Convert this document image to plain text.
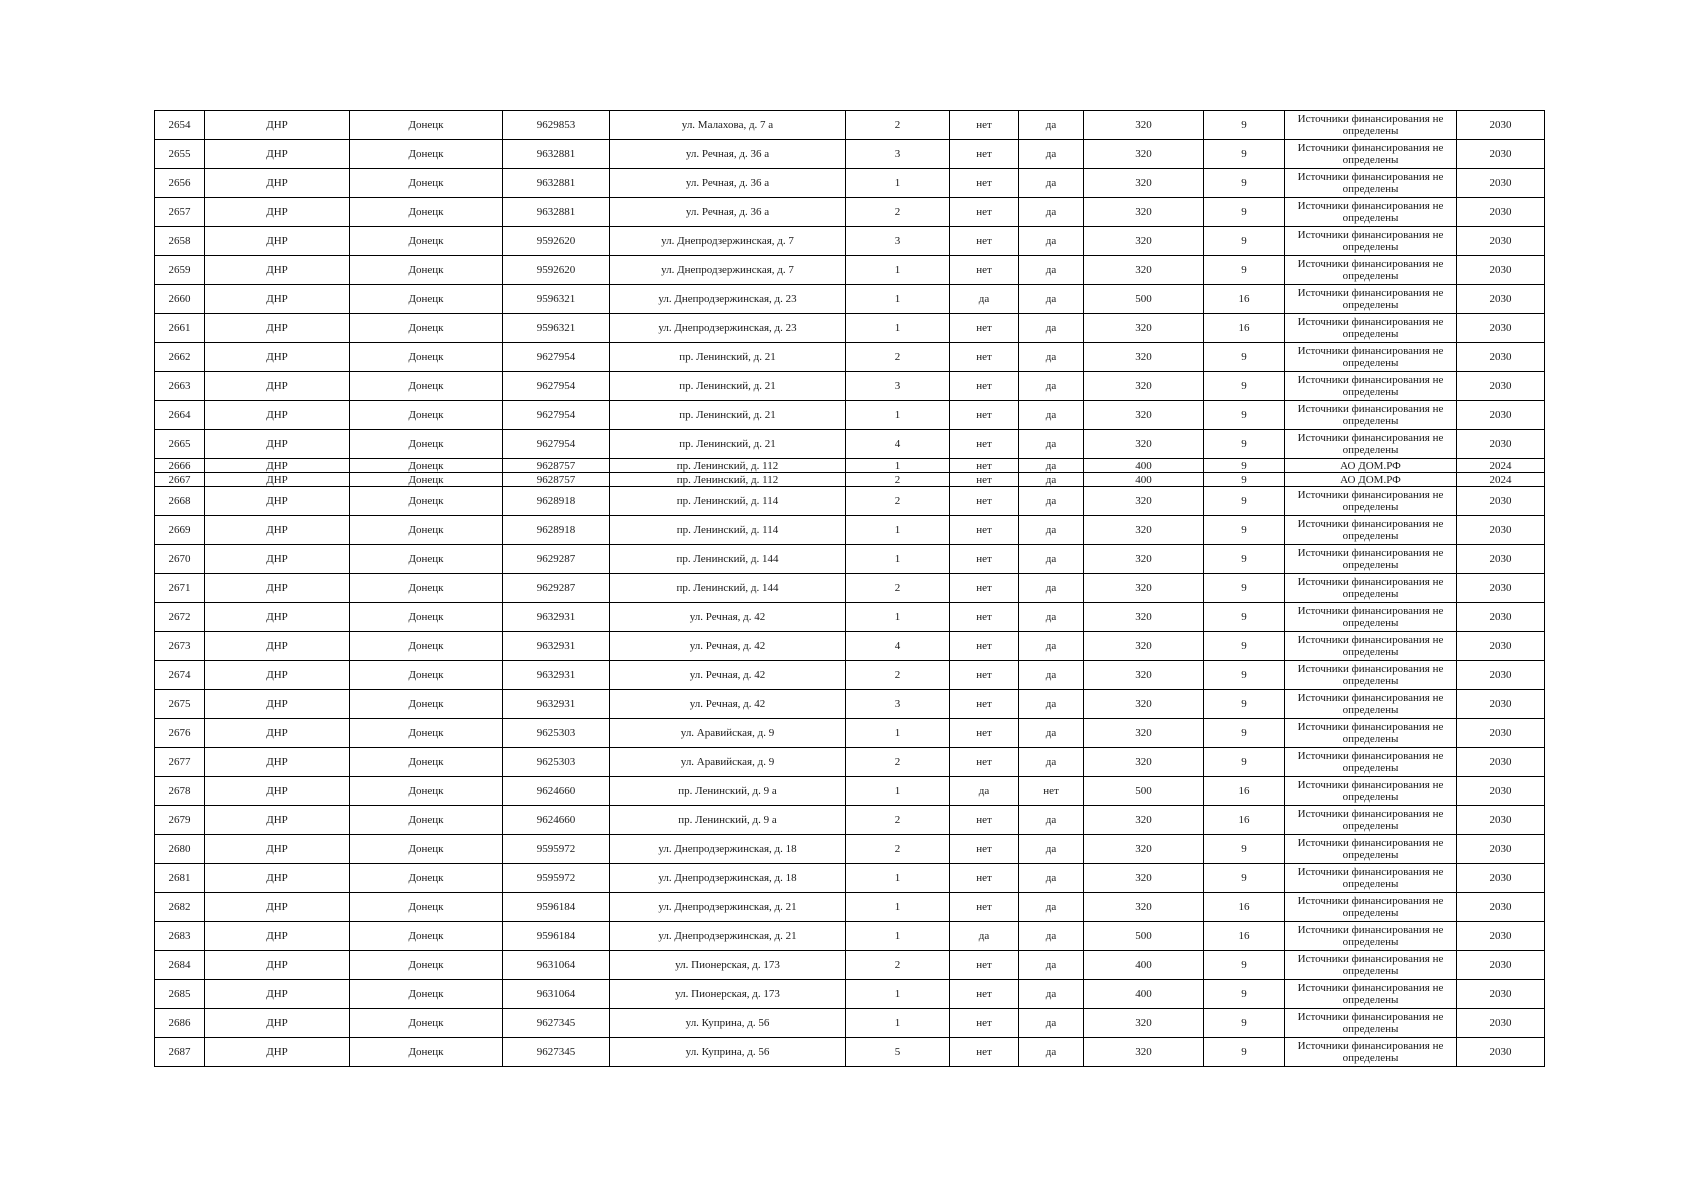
2654	ДНР	Донецк	9629853	ул. Малахова, д. 7 а	2	нет	да	320	9	Источники финансирования не определены	2030
2655	ДНР	Донецк	9632881	ул. Речная, д. 36 а	3	нет	да	320	9	Источники финансирования не определены	2030
2656	ДНР	Донецк	9632881	ул. Речная, д. 36 а	1	нет	да	320	9	Источники финансирования не определены	2030
2657	ДНР	Донецк	9632881	ул. Речная, д. 36 а	2	нет	да	320	9	Источники финансирования не определены	2030
2658	ДНР	Донецк	9592620	ул. Днепродзержинская, д. 7	3	нет	да	320	9	Источники финансирования не определены	2030
2659	ДНР	Донецк	9592620	ул. Днепродзержинская, д. 7	1	нет	да	320	9	Источники финансирования не определены	2030
2660	ДНР	Донецк	9596321	ул. Днепродзержинская, д. 23	1	да	да	500	16	Источники финансирования не определены	2030
2661	ДНР	Донецк	9596321	ул. Днепродзержинская, д. 23	1	нет	да	320	16	Источники финансирования не определены	2030
2662	ДНР	Донецк	9627954	пр. Ленинский, д. 21	2	нет	да	320	9	Источники финансирования не определены	2030
2663	ДНР	Донецк	9627954	пр. Ленинский, д. 21	3	нет	да	320	9	Источники финансирования не определены	2030
2664	ДНР	Донецк	9627954	пр. Ленинский, д. 21	1	нет	да	320	9	Источники финансирования не определены	2030
2665	ДНР	Донецк	9627954	пр. Ленинский, д. 21	4	нет	да	320	9	Источники финансирования не определены	2030
2666	ДНР	Донецк	9628757	пр. Ленинский, д. 112	1	нет	да	400	9	АО ДОМ.РФ	2024
2667	ДНР	Донецк	9628757	пр. Ленинский, д. 112	2	нет	да	400	9	АО ДОМ.РФ	2024
2668	ДНР	Донецк	9628918	пр. Ленинский, д. 114	2	нет	да	320	9	Источники финансирования не определены	2030
2669	ДНР	Донецк	9628918	пр. Ленинский, д. 114	1	нет	да	320	9	Источники финансирования не определены	2030
2670	ДНР	Донецк	9629287	пр. Ленинский, д. 144	1	нет	да	320	9	Источники финансирования не определены	2030
2671	ДНР	Донецк	9629287	пр. Ленинский, д. 144	2	нет	да	320	9	Источники финансирования не определены	2030
2672	ДНР	Донецк	9632931	ул. Речная, д. 42	1	нет	да	320	9	Источники финансирования не определены	2030
2673	ДНР	Донецк	9632931	ул. Речная, д. 42	4	нет	да	320	9	Источники финансирования не определены	2030
2674	ДНР	Донецк	9632931	ул. Речная, д. 42	2	нет	да	320	9	Источники финансирования не определены	2030
2675	ДНР	Донецк	9632931	ул. Речная, д. 42	3	нет	да	320	9	Источники финансирования не определены	2030
2676	ДНР	Донецк	9625303	ул. Аравийская, д. 9	1	нет	да	320	9	Источники финансирования не определены	2030
2677	ДНР	Донецк	9625303	ул. Аравийская, д. 9	2	нет	да	320	9	Источники финансирования не определены	2030
2678	ДНР	Донецк	9624660	пр. Ленинский, д. 9 а	1	да	нет	500	16	Источники финансирования не определены	2030
2679	ДНР	Донецк	9624660	пр. Ленинский, д. 9 а	2	нет	да	320	16	Источники финансирования не определены	2030
2680	ДНР	Донецк	9595972	ул. Днепродзержинская, д. 18	2	нет	да	320	9	Источники финансирования не определены	2030
2681	ДНР	Донецк	9595972	ул. Днепродзержинская, д. 18	1	нет	да	320	9	Источники финансирования не определены	2030
2682	ДНР	Донецк	9596184	ул. Днепродзержинская, д. 21	1	нет	да	320	16	Источники финансирования не определены	2030
2683	ДНР	Донецк	9596184	ул. Днепродзержинская, д. 21	1	да	да	500	16	Источники финансирования не определены	2030
2684	ДНР	Донецк	9631064	ул. Пионерская, д. 173	2	нет	да	400	9	Источники финансирования не определены	2030
2685	ДНР	Донецк	9631064	ул. Пионерская, д. 173	1	нет	да	400	9	Источники финансирования не определены	2030
2686	ДНР	Донецк	9627345	ул. Куприна, д. 56	1	нет	да	320	9	Источники финансирования не определены	2030
2687	ДНР	Донецк	9627345	ул. Куприна, д. 56	5	нет	да	320	9	Источники финансирования не определены	2030
